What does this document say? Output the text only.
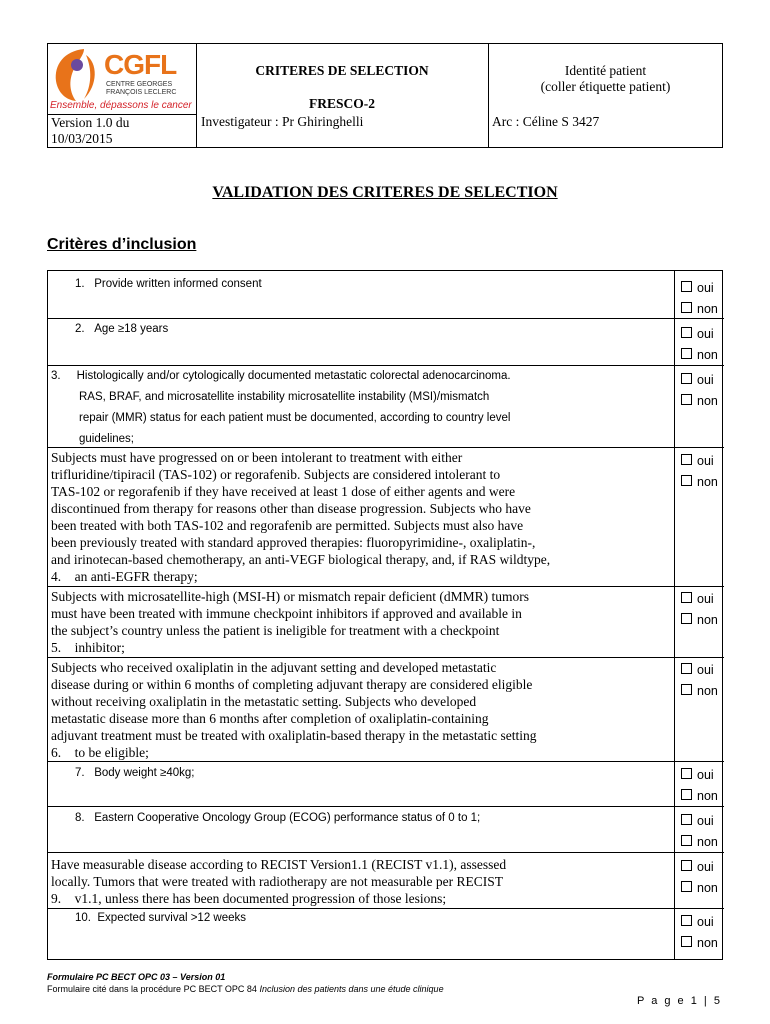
CGFL
CENTRE GEORGES
FRANÇOIS LECLERC
Ensemble, dépassons le cancer
Version 1.0 du 10/03/2015
CRITERES DE SELECTION
FRESCO-2
Investigateur : Pr Ghiringhelli
Identité patient
(coller étiquette patient)
Arc : Céline S 3427
VALIDATION DES CRITERES DE SELECTION
Critères d’inclusion
1. Provide written informed consent
2. Age ≥18 years
3. Histologically and/or cytologically documented metastatic colorectal adenocarcinoma.
RAS, BRAF, and microsatellite instability microsatellite instability (MSI)/mismatch
repair (MMR) status for each patient must be documented, according to country level
guidelines;
Subjects must have progressed on or been intolerant to treatment with either
trifluridine/tipiracil (TAS-102) or regorafenib. Subjects are considered intolerant to
TAS-102 or regorafenib if they have received at least 1 dose of either agents and were
discontinued from therapy for reasons other than disease progression. Subjects who have
been treated with both TAS-102 and regorafenib are permitted. Subjects must also have
been previously treated with standard approved therapies: fluoropyrimidine-, oxaliplatin-,
and irinotecan-based chemotherapy, an anti-VEGF biological therapy, and, if RAS wildtype,
4. an anti-EGFR therapy;
Subjects with microsatellite-high (MSI-H) or mismatch repair deficient (dMMR) tumors
must have been treated with immune checkpoint inhibitors if approved and available in
the subject’s country unless the patient is ineligible for treatment with a checkpoint
5. inhibitor;
Subjects who received oxaliplatin in the adjuvant setting and developed metastatic
disease during or within 6 months of completing adjuvant therapy are considered eligible
without receiving oxaliplatin in the metastatic setting. Subjects who developed
metastatic disease more than 6 months after completion of oxaliplatin-containing
adjuvant treatment must be treated with oxaliplatin-based therapy in the metastatic setting
6. to be eligible;
7. Body weight ≥40kg;
8. Eastern Cooperative Oncology Group (ECOG) performance status of 0 to 1;
Have measurable disease according to RECIST Version1.1 (RECIST v1.1), assessed
locally. Tumors that were treated with radiotherapy are not measurable per RECIST
9. v1.1, unless there has been documented progression of those lesions;
10. Expected survival >12 weeks
oui
non
oui
non
oui
non
oui
non
oui
non
oui
non
oui
non
oui
non
oui
non
oui
non
Formulaire PC BECT OPC 03 – Version 01
Formulaire cité dans la procédure PC BECT OPC 84 Inclusion des patients dans une étude clinique
P a g e 1 | 5
